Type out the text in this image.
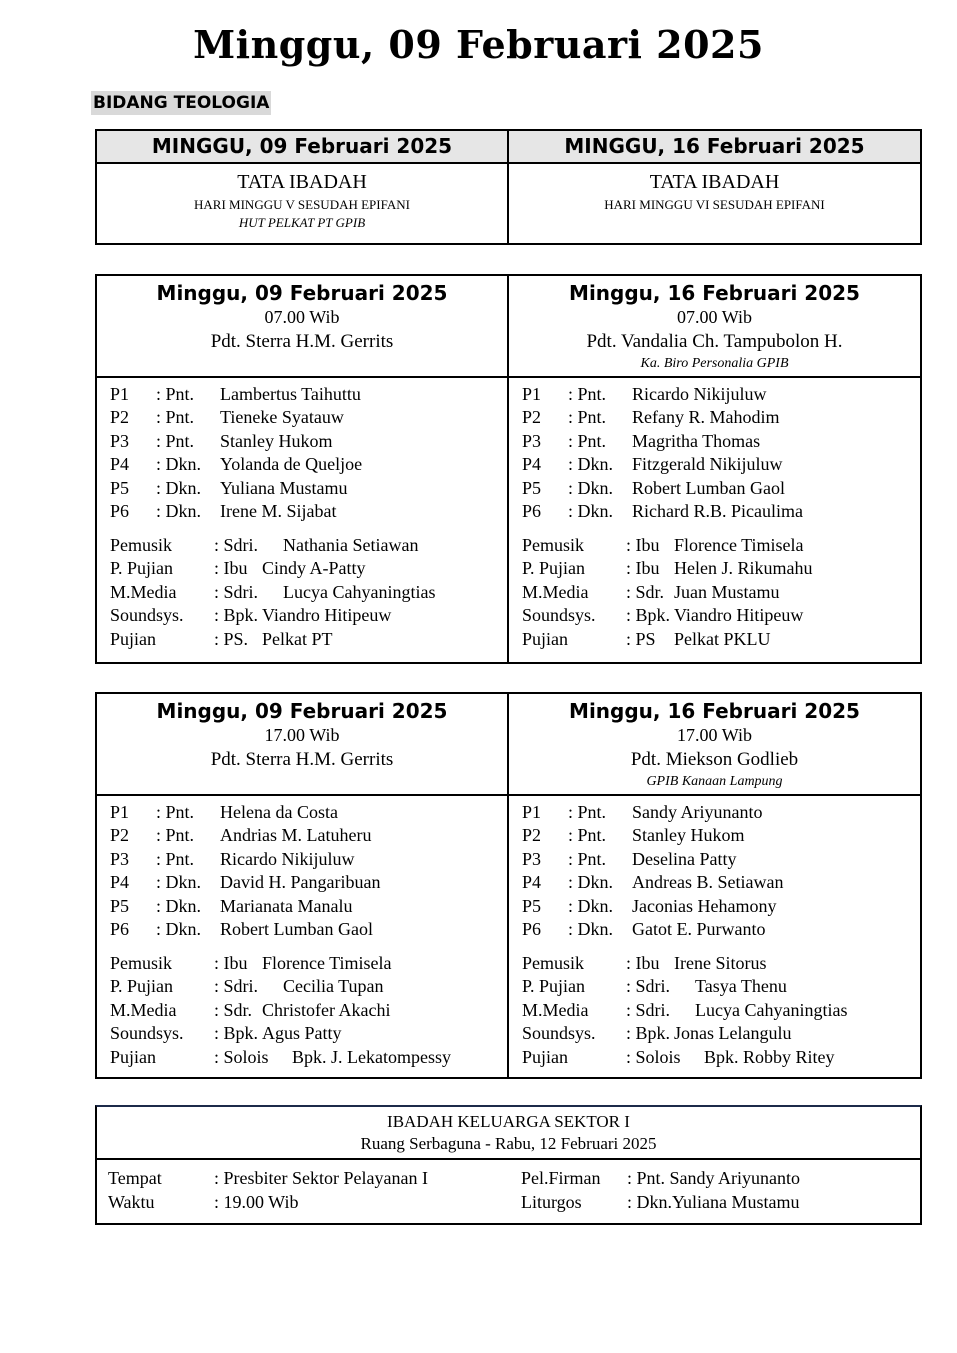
Minggu, 09 Februari 2025
BIDANG TEOLOGIA
MINGGU, 09 Februari 2025
TATA IBADAH
HARI MINGGU V SESUDAH EPIFANI
HUT PELKAT PT GPIB
MINGGU, 16 Februari 2025
TATA IBADAH
HARI MINGGU VI SESUDAH EPIFANI
Minggu, 09 Februari 2025
07.00 Wib
Pdt. Sterra H.M. Gerrits
P1 : Pnt. Lambertus Taihuttu
P2 : Pnt. Tieneke Syatauw
P3 : Pnt. Stanley Hukom
P4 : Dkn. Yolanda de Queljoe
P5 : Dkn. Yuliana Mustamu
P6 : Dkn. Irene M. Sijabat
Pemusik : Sdri. Nathania Setiawan
P. Pujian : Ibu Cindy A-Patty
M.Media : Sdri. Lucya Cahyaningtias
Soundsys. : Bpk. Viandro Hitipeuw
Pujian	: PS. Pelkat PT
Minggu, 16 Februari 2025
07.00 Wib
Pdt. Vandalia Ch. Tampubolon H.
Ka. Biro Personalia GPIB
P1 : Pnt. Ricardo Nikijuluw
P2 : Pnt. Refany R. Mahodim
P3 : Pnt. Magritha Thomas
P4 : Dkn. Fitzgerald Nikijuluw
P5 : Dkn. Robert Lumban Gaol
P6 : Dkn. Richard R.B. Picaulima
Pemusik : Ibu Florence Timisela
P. Pujian : Ibu Helen J. Rikumahu
M.Media : Sdr. Juan Mustamu
Soundsys. : Bpk. Viandro Hitipeuw
Pujian	: PS Pelkat PKLU
Minggu, 09 Februari 2025
17.00 Wib
Pdt. Sterra H.M. Gerrits
P1 : Pnt. Helena da Costa
P2 : Pnt. Andrias M. Latuheru
P3 : Pnt. Ricardo Nikijuluw
P4 : Dkn. David H. Pangaribuan
P5 : Dkn. Marianata Manalu
P6 : Dkn. Robert Lumban Gaol
Pemusik : Ibu Florence Timisela
P. Pujian : Sdri. Cecilia Tupan
M.Media : Sdr. Christofer Akachi
Soundsys. : Bpk. Agus Patty
Pujian	: Solois Bpk. J. Lekatompessy
Minggu, 16 Februari 2025
17.00 Wib
Pdt. Miekson Godlieb
GPIB Kanaan Lampung
P1 : Pnt. Sandy Ariyunanto
P2 : Pnt. Stanley Hukom
P3 : Pnt. Deselina Patty
P4 : Dkn. Andreas B. Setiawan
P5 : Dkn. Jaconias Hehamony
P6 : Dkn. Gatot E. Purwanto
Pemusik : Ibu Irene Sitorus
P. Pujian : Sdri. Tasya Thenu
M.Media : Sdri. Lucya Cahyaningtias
Soundsys. : Bpk. Jonas Lelangulu
Pujian	: Solois Bpk. Robby Ritey
IBADAH KELUARGA SEKTOR I
Ruang Serbaguna - Rabu, 12 Februari 2025
Tempat	: Presbiter Sektor Pelayanan I
Waktu	: 19.00 Wib
Pel.Firman : Pnt. Sandy Ariyunanto
Liturgos	: Dkn.Yuliana Mustamu
